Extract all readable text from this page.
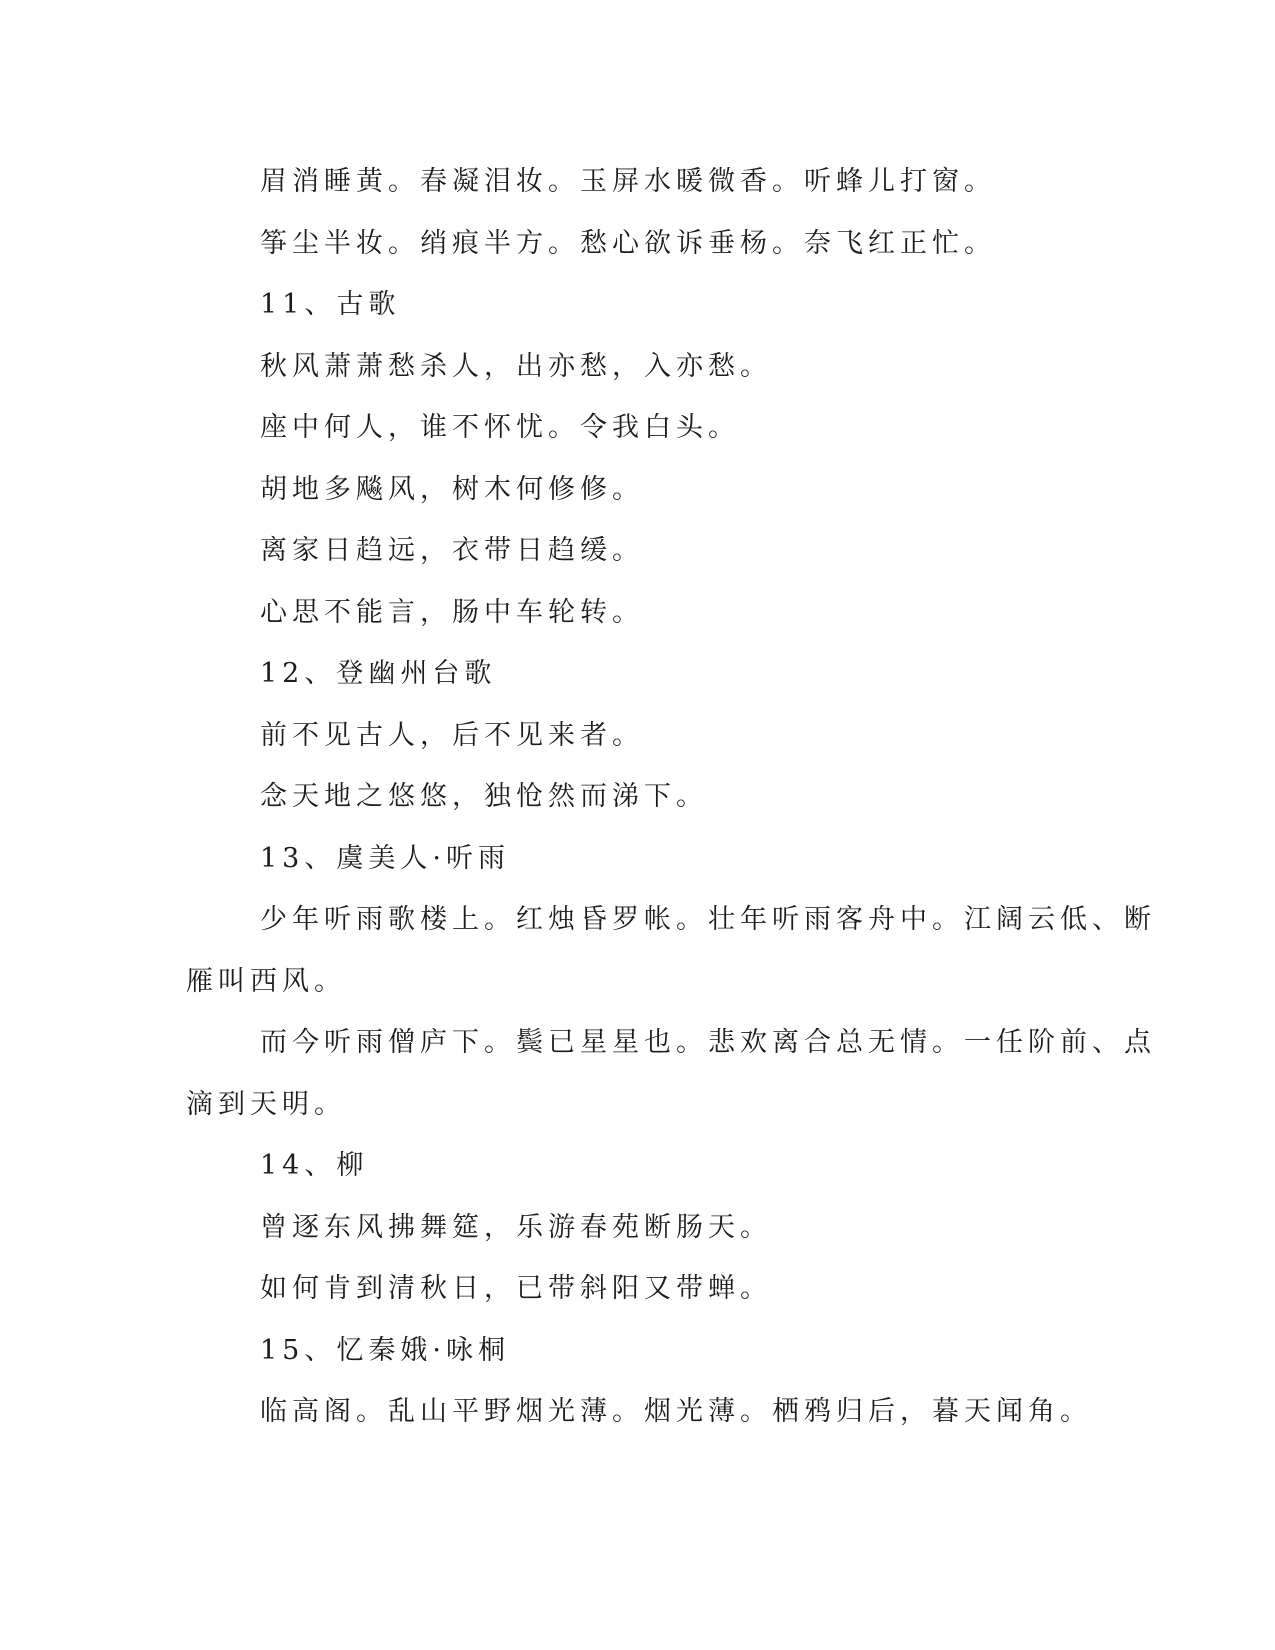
眉消睡黄。春凝泪妆。玉屏水暖微香。听蜂儿打窗。
筝尘半妆。绡痕半方。愁心欲诉垂杨。奈飞红正忙。
11、古歌
秋风萧萧愁杀人，出亦愁，入亦愁。
座中何人，谁不怀忧。令我白头。
胡地多飚风，树木何修修。
离家日趋远，衣带日趋缓。
心思不能言，肠中车轮转。
12、登幽州台歌
前不见古人，后不见来者。
念天地之悠悠，独怆然而涕下。
13、虞美人·听雨
少年听雨歌楼上。红烛昏罗帐。壮年听雨客舟中。江阔云低、断
雁叫西风。
而今听雨僧庐下。鬓已星星也。悲欢离合总无情。一任阶前、点
滴到天明。
14、柳
曾逐东风拂舞筵，乐游春苑断肠天。
如何肯到清秋日，已带斜阳又带蝉。
15、忆秦娥·咏桐
临高阁。乱山平野烟光薄。烟光薄。栖鸦归后，暮天闻角。
